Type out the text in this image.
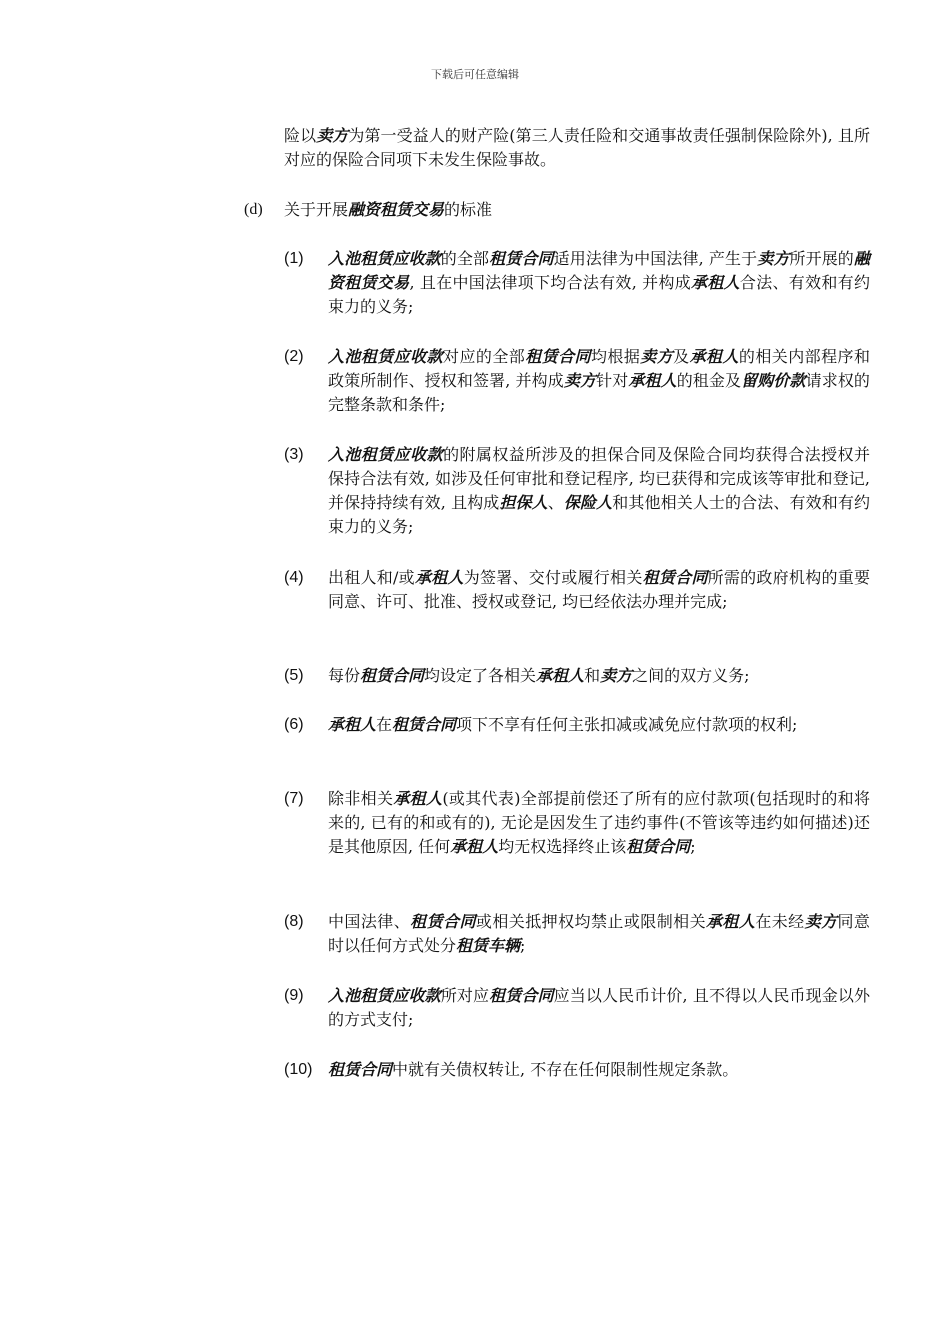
下载后可任意编辑
险以卖方为第一受益人的财产险(第三人责任险和交通事故责任强制保险除外), 且所对应的保险合同项下未发生保险事故。
(d) 关于开展融资租赁交易的标准
(1) 入池租赁应收款的全部租赁合同适用法律为中国法律, 产生于卖方所开展的融资租赁交易, 且在中国法律项下均合法有效, 并构成承租人合法、有效和有约束力的义务;
(2) 入池租赁应收款对应的全部租赁合同均根据卖方及承租人的相关内部程序和政策所制作、授权和签署, 并构成卖方针对承租人的租金及留购价款请求权的完整条款和条件;
(3) 入池租赁应收款的附属权益所涉及的担保合同及保险合同均获得合法授权并保持合法有效, 如涉及任何审批和登记程序, 均已获得和完成该等审批和登记, 并保持持续有效, 且构成担保人、保险人和其他相关人士的合法、有效和有约束力的义务;
(4) 出租人和/或承租人为签署、交付或履行相关租赁合同所需的政府机构的重要同意、许可、批准、授权或登记, 均已经依法办理并完成;
(5) 每份租赁合同均设定了各相关承租人和卖方之间的双方义务;
(6) 承租人在租赁合同项下不享有任何主张扣减或减免应付款项的权利;
(7) 除非相关承租人(或其代表)全部提前偿还了所有的应付款项(包括现时的和将来的, 已有的和或有的), 无论是因发生了违约事件(不管该等违约如何描述)还是其他原因, 任何承租人均无权选择终止该租赁合同;
(8) 中国法律、租赁合同或相关抵押权均禁止或限制相关承租人在未经卖方同意时以任何方式处分租赁车辆;
(9) 入池租赁应收款所对应租赁合同应当以人民币计价, 且不得以人民币现金以外的方式支付;
(10) 租赁合同中就有关债权转让, 不存在任何限制性规定条款。
